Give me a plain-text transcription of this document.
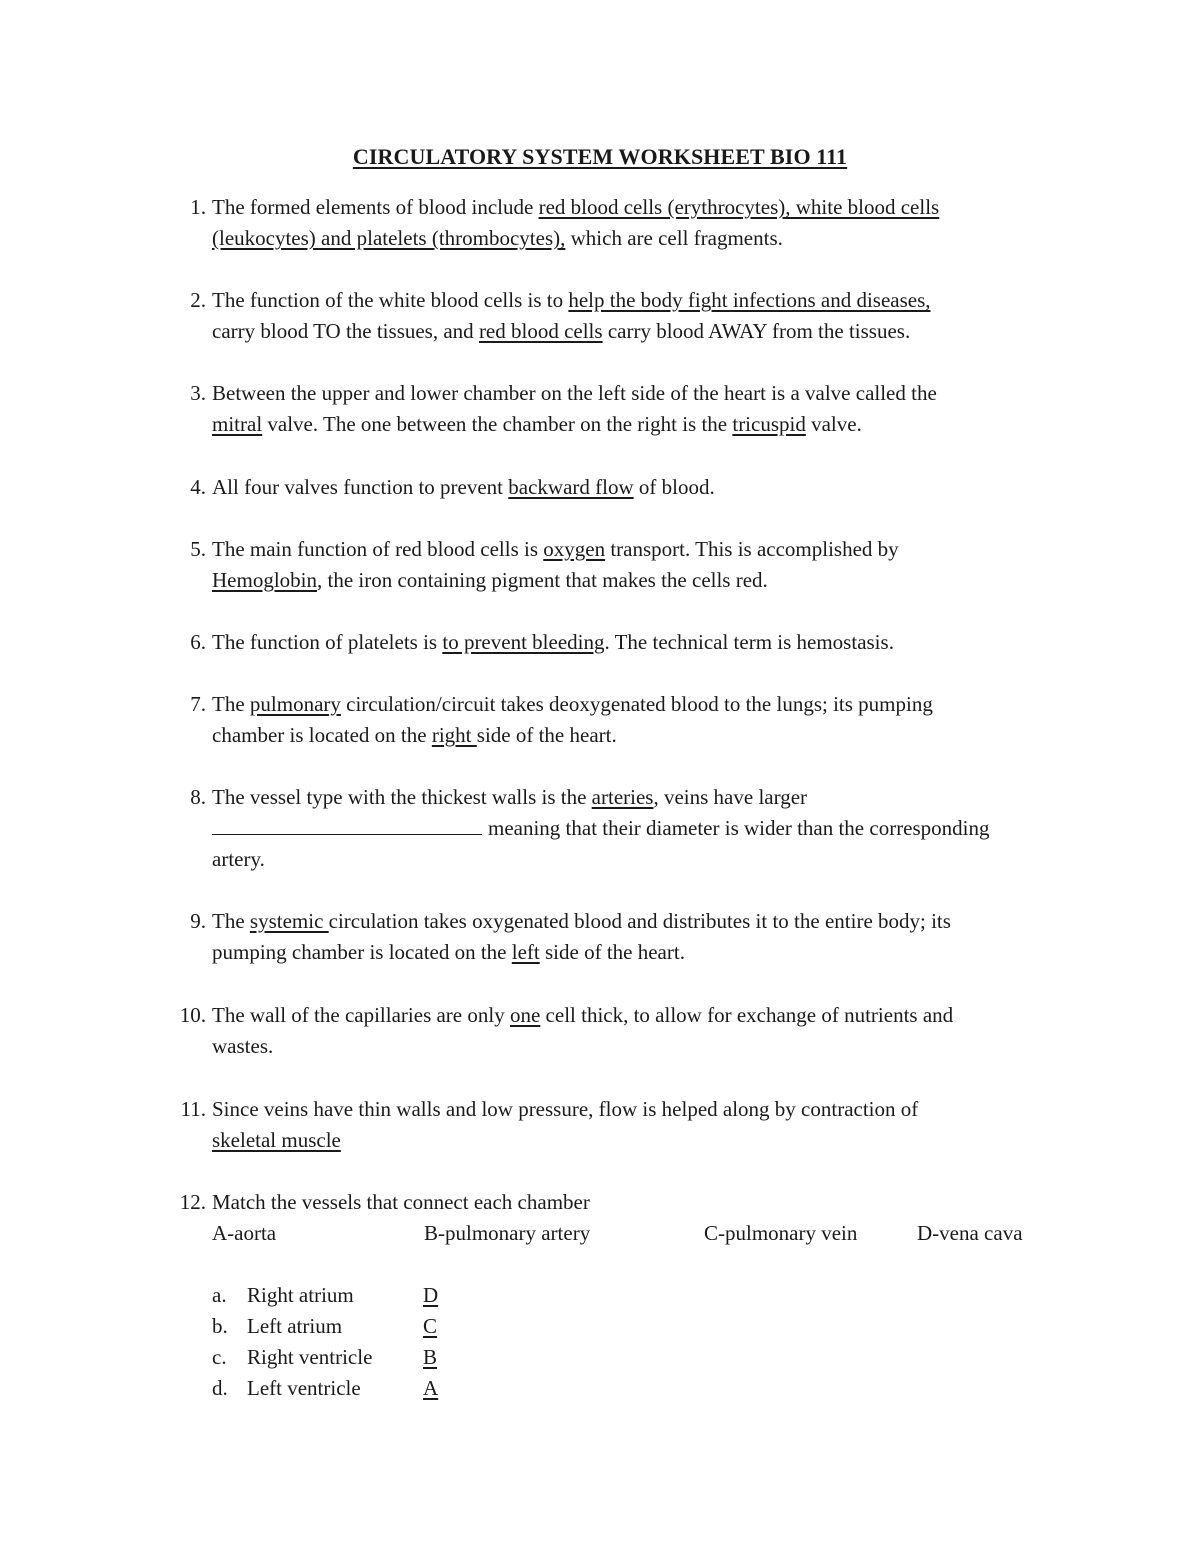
CIRCULATORY SYSTEM WORKSHEET BIO 111
1. The formed elements of blood include red blood cells (erythrocytes), white blood cells
(leukocytes) and platelets (thrombocytes), which are cell fragments.
2. The function of the white blood cells is to help the body fight infections and diseases,
carry blood TO the tissues, and red blood cells carry blood AWAY from the tissues.
3. Between the upper and lower chamber on the left side of the heart is a valve called the
mitral valve. The one between the chamber on the right is the tricuspid valve.
4. All four valves function to prevent backward flow of blood.
5. The main function of red blood cells is oxygen transport. This is accomplished by
Hemoglobin, the iron containing pigment that makes the cells red.
6. The function of platelets is to prevent bleeding. The technical term is hemostasis.
7. The pulmonary circulation/circuit takes deoxygenated blood to the lungs; its pumping
chamber is located on the right side of the heart.
8. The vessel type with the thickest walls is the arteries, veins have larger
meaning that their diameter is wider than the corresponding
artery.
9. The systemic circulation takes oxygenated blood and distributes it to the entire body; its
pumping chamber is located on the left side of the heart.
10. The wall of the capillaries are only one cell thick, to allow for exchange of nutrients and
wastes.
11. Since veins have thin walls and low pressure, flow is helped along by contraction of
skeletal muscle
12. Match the vessels that connect each chamber
A-aorta	B-pulmonary artery	C-pulmonary vein	D-vena cava
a. Right atrium	D
b. Left atrium	C
c. Right ventricle B
d. Left ventricle	A
